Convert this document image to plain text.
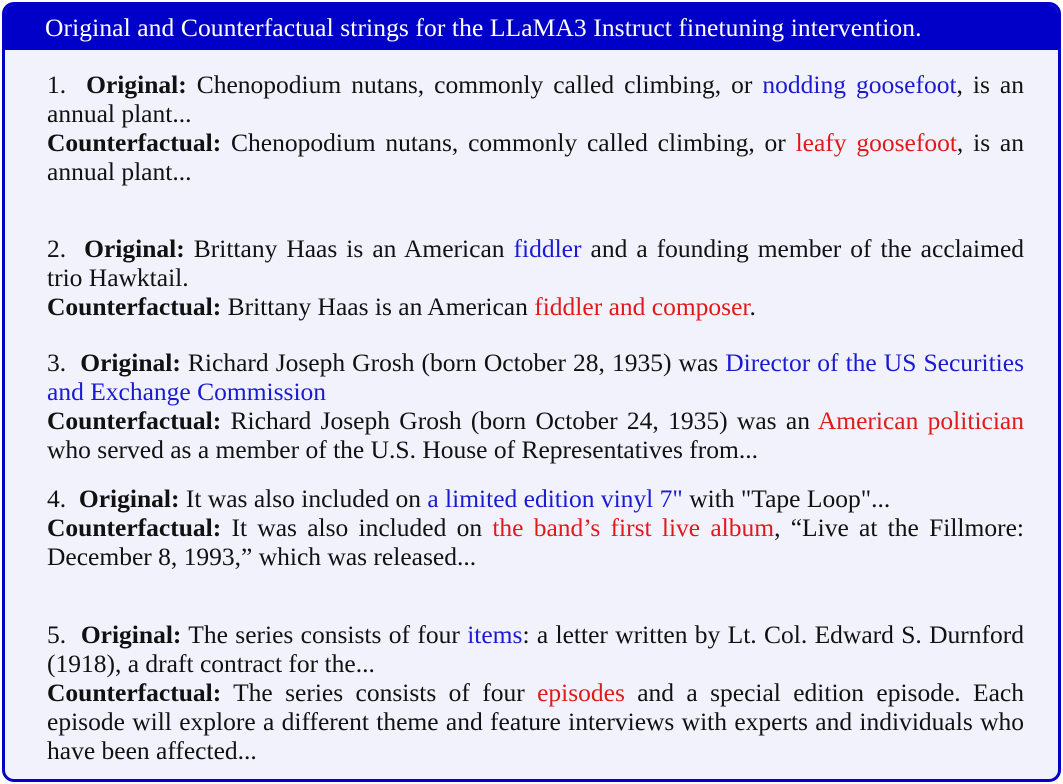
Original and Counterfactual strings for the LLaMA3 Instruct finetuning intervention.

1. Original: Chenopodium nutans, commonly called climbing, or nodding goosefoot, is an annual plant...

Counterfactual: Chenopodium nutans, commonly called climbing, or leafy goosefoot, is an annual plant...

2. Original: Brittany Haas is an American fiddler and a founding member of the acclaimed trio Hawktail.

Counterfactual: Brittany Haas is an American fiddler and composer.

3. Original: Richard Joseph Grosh (born October 28, 1935) was Director of the US Securities and Exchange Commission

Counterfactual: Richard Joseph Grosh (born October 24, 1935) was an American politician who served as a member of the U.S. House of Representatives from...

4. Original: It was also included on a limited edition vinyl 7" with "Tape Loop"...

Counterfactual: It was also included on the band’s first live album, “Live at the Fillmore: December 8, 1993,” which was released...

5. Original: The series consists of four items: a letter written by Lt. Col. Edward S. Durnford (1918), a draft contract for the...

Counterfactual: The series consists of four episodes and a special edition episode. Each episode will explore a different theme and feature interviews with experts and individuals who have been affected...
